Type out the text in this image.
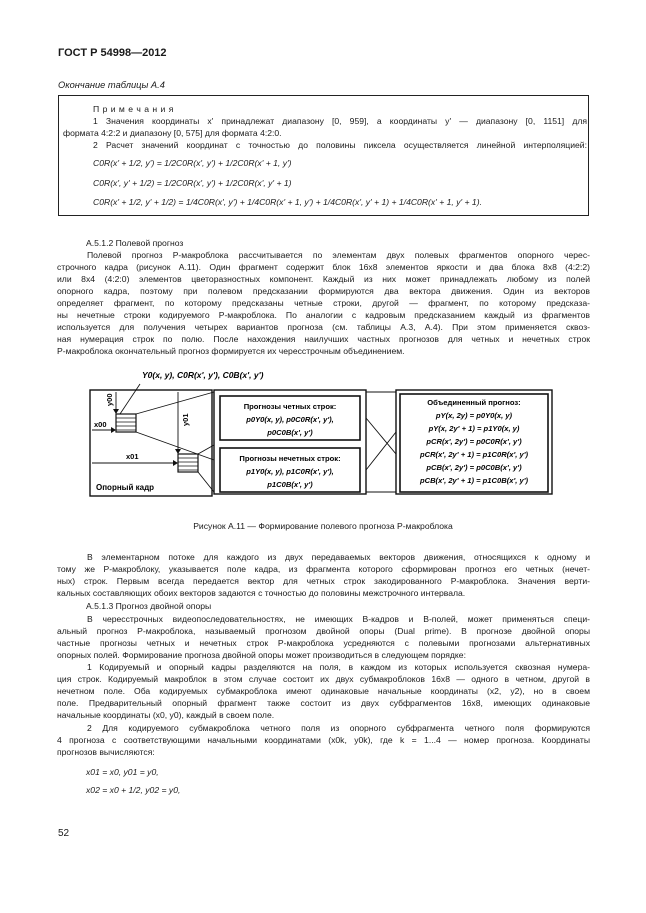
ГОСТ Р 54998—2012
Окончание таблицы А.4
П р и м е ч а н и я
1 Значения координаты x' принадлежат диапазону [0, 959], а координаты y' — диапазону [0, 1151] для
формата 4:2:2 и диапазону [0, 575] для формата 4:2:0.
2 Расчет значений координат с точностью до половины пиксела осуществляется линейной интерполяцией:
C0R(x' + 1/2, y') = 1/2C0R(x', y') + 1/2C0R(x' + 1, y')
C0R(x', y' + 1/2) = 1/2C0R(x', y') + 1/2C0R(x', y' + 1)
C0R(x' + 1/2, y' + 1/2) = 1/4C0R(x', y') + 1/4C0R(x' + 1, y') + 1/4C0R(x', y' + 1) + 1/4C0R(x' + 1, y' + 1).
А.5.1.2 Полевой прогноз
Полевой прогноз P-макроблока рассчитывается по элементам двух полевых фрагментов опорного черес-
строчного кадра (рисунок А.11). Один фрагмент содержит блок 16x8 элементов яркости и два блока 8x8 (4:2:2)
или 8x4 (4:2:0) элементов цветоразностных компонент. Каждый из них может принадлежать любому из полей
опорного кадра, поэтому при полевом предсказании формируются два вектора движения. Один из векторов
определяет фрагмент, по которому предсказаны четные строки, другой — фрагмент, по которому предсказа-
ны нечетные строки кодируемого P-макроблока. По аналогии с кадровым предсказанием каждый из фрагментов
используется для получения четырех вариантов прогноза (см. таблицы А.3, А.4). При этом применяется сквоз-
ная нумерация строк по полю. После нахождения наилучших частных прогнозов для четных и нечетных строк
P-макроблока окончательный прогноз формируется их чересстрочным объединением.
Y0(x, y), C0R(x', y'), C0B(x', y')
y00
x00	y01
x01
Опорный кадр
Прогнозы четных строк:
p0Y0(x, y), p0C0R(x', y'),
p0C0B(x', y')
Прогнозы нечетных строк:
p1Y0(x, y), p1C0R(x', y'),
p1C0B(x', y')
Объединенный прогноз:
pY(x, 2y) = p0Y0(x, y)
pY(x, 2y' + 1) = p1Y0(x, y)
pCR(x', 2y') = p0C0R(x', y')
pCR(x', 2y' + 1) = p1C0R(x', y')
pCB(x', 2y') = p0C0B(x', y')
pCB(x', 2y' + 1) = p1C0B(x', y')
Рисунок А.11 — Формирование полевого прогноза P-макроблока
В элементарном потоке для каждого из двух передаваемых векторов движения, относящихся к одному и
тому же P-макроблоку, указывается поле кадра, из фрагмента которого сформирован прогноз его четных (нечет-
ных) строк. Первым всегда передается вектор для четных строк закодированного P-макроблока. Значения верти-
кальных составляющих обоих векторов задаются с точностью до половины межстрочного интервала.
А.5.1.3 Прогноз двойной опоры
В чересстрочных видеопоследовательностях, не имеющих B-кадров и B-полей, может применяться специ-
альный прогноз P-макроблока, называемый прогнозом двойной опоры (Dual prime). В прогнозе двойной опоры
частные прогнозы четных и нечетных строк P-макроблока усредняются с полевыми прогнозами альтернативных
опорных полей. Формирование прогноза двойной опоры может производиться в следующем порядке:
1 Кодируемый и опорный кадры разделяются на поля, в каждом из которых используется сквозная нумера-
ция строк. Кодируемый макроблок в этом случае состоит их двух субмакроблоков 16x8 — одного в четном, другой в
нечетном поле. Оба кодируемых субмакроблока имеют одинаковые начальные координаты (x2, y2), но в своем
поле. Предварительный опорный фрагмент также состоит из двух субфрагментов 16x8, имеющих одинаковые
начальные координаты (x0, y0), каждый в своем поле.
2 Для кодируемого субмакроблока четного поля из опорного субфрагмента четного поля формируются
4 прогноза с соответствующими начальными координатами (x0k, y0k), где k = 1...4 — номер прогноза. Координаты
прогнозов вычисляются:
x01 = x0, y01 = y0,
x02 = x0 + 1/2, y02 = y0,
52
